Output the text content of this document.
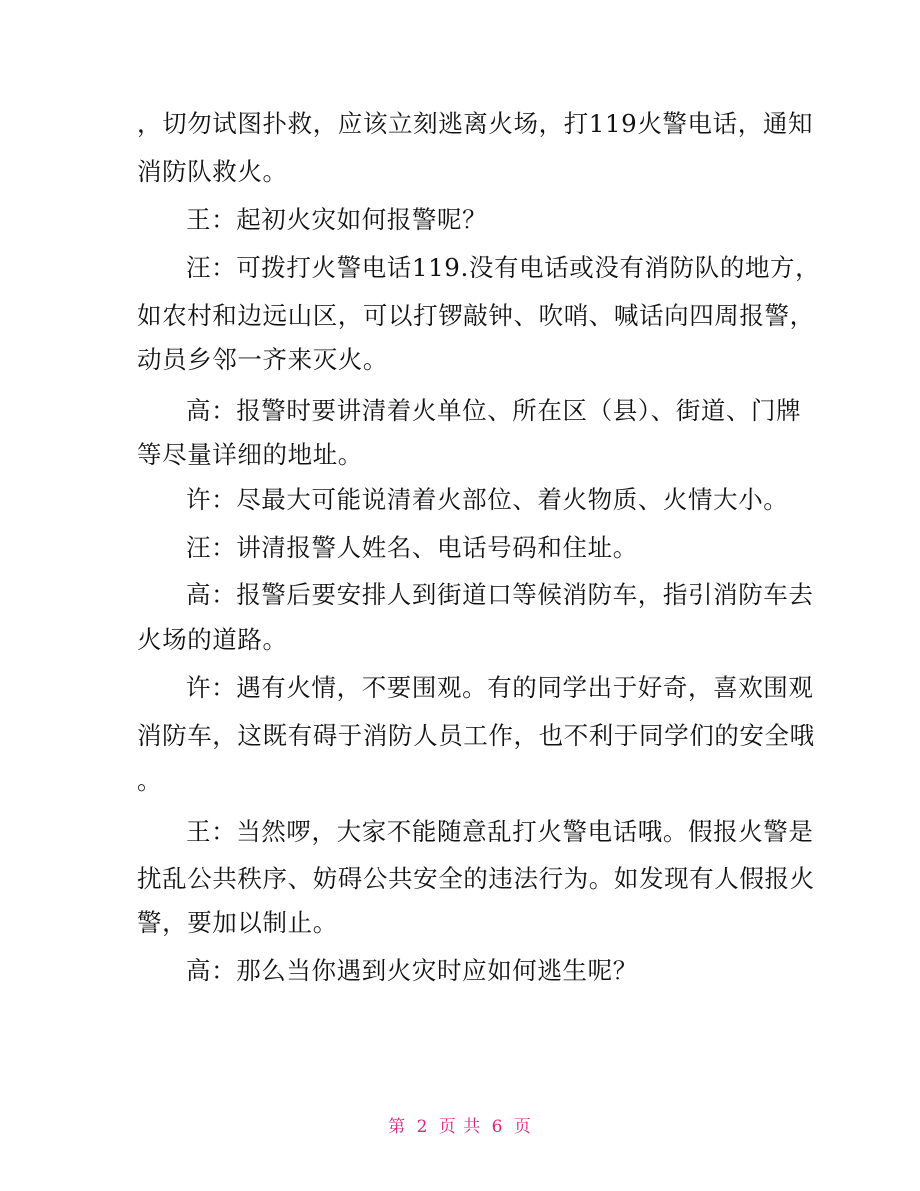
，切勿试图扑救，应该立刻逃离火场，打119火警电话，通知
消防队救火。
王：起初火灾如何报警呢？
汪：可拨打火警电话119.没有电话或没有消防队的地方，
如农村和边远山区，可以打锣敲钟、吹哨、喊话向四周报警，
动员乡邻一齐来灭火。
高：报警时要讲清着火单位、所在区（县）、街道、门牌
等尽量详细的地址。
许：尽最大可能说清着火部位、着火物质、火情大小。
汪：讲清报警人姓名、电话号码和住址。
高：报警后要安排人到街道口等候消防车，指引消防车去
火场的道路。
许：遇有火情，不要围观。有的同学出于好奇，喜欢围观
消防车，这既有碍于消防人员工作，也不利于同学们的安全哦
。
王：当然啰，大家不能随意乱打火警电话哦。假报火警是
扰乱公共秩序、妨碍公共安全的违法行为。如发现有人假报火
警，要加以制止。
高：那么当你遇到火灾时应如何逃生呢？
第 2 页 共 6 页
